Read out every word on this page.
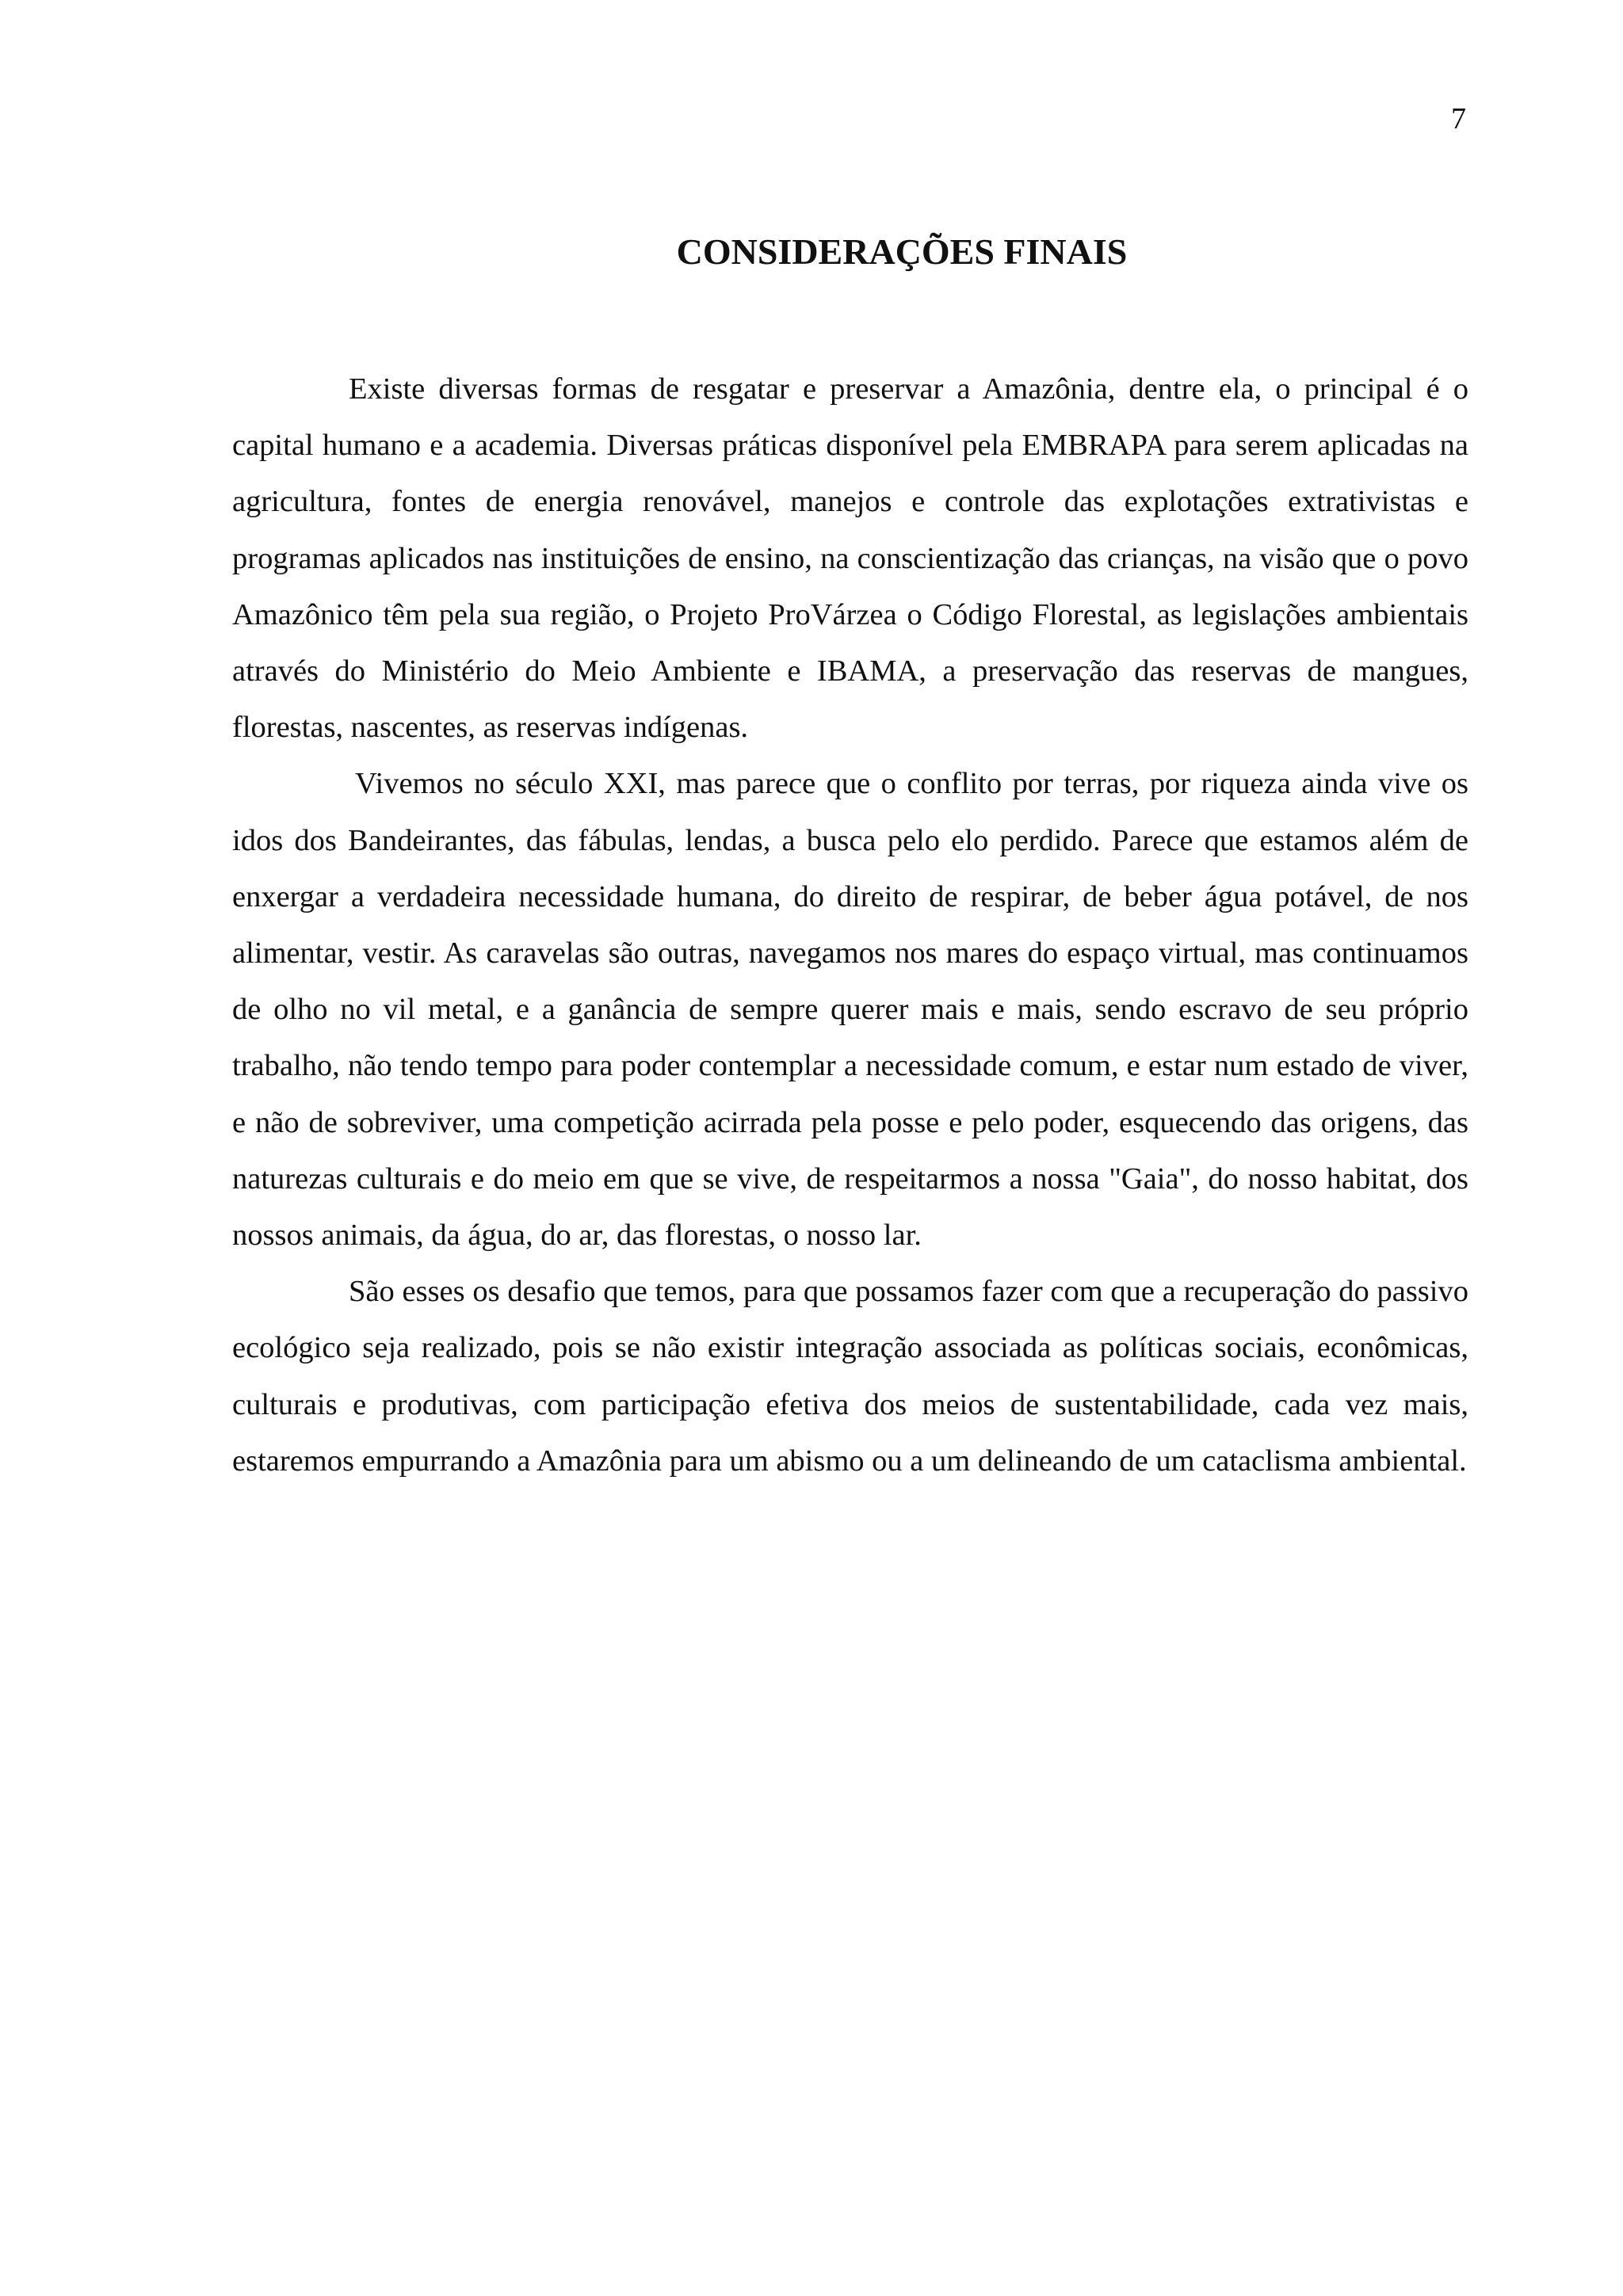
7
CONSIDERAÇÕES FINAIS

Existe diversas formas de resgatar e preservar a Amazônia, dentre ela, o principal é o capital humano e a academia. Diversas práticas disponível pela EMBRAPA para serem aplicadas na agricultura, fontes de energia renovável, manejos e controle das explotações extrativistas e programas aplicados nas instituições de ensino, na conscientização das crianças, na visão que o povo Amazônico têm pela sua região, o Projeto ProVárzea o Código Florestal, as legislações ambientais através do Ministério do Meio Ambiente e IBAMA, a preservação das reservas de mangues, florestas, nascentes, as reservas indígenas.

Vivemos no século XXI, mas parece que o conflito por terras, por riqueza ainda vive os idos dos Bandeirantes, das fábulas, lendas, a busca pelo elo perdido. Parece que estamos além de enxergar a verdadeira necessidade humana, do direito de respirar, de beber água potável, de nos alimentar, vestir. As caravelas são outras, navegamos nos mares do espaço virtual, mas continuamos de olho no vil metal, e a ganância de sempre querer mais e mais, sendo escravo de seu próprio trabalho, não tendo tempo para poder contemplar a necessidade comum, e estar num estado de viver, e não de sobreviver, uma competição acirrada pela posse e pelo poder, esquecendo das origens, das naturezas culturais e do meio em que se vive, de respeitarmos a nossa "Gaia", do nosso habitat, dos nossos animais, da água, do ar, das florestas, o nosso lar.

São esses os desafio que temos, para que possamos fazer com que a recuperação do passivo ecológico seja realizado, pois se não existir integração associada as políticas sociais, econômicas, culturais e produtivas, com participação efetiva dos meios de sustentabilidade, cada vez mais, estaremos empurrando a Amazônia para um abismo ou a um delineando de um cataclisma ambiental.
